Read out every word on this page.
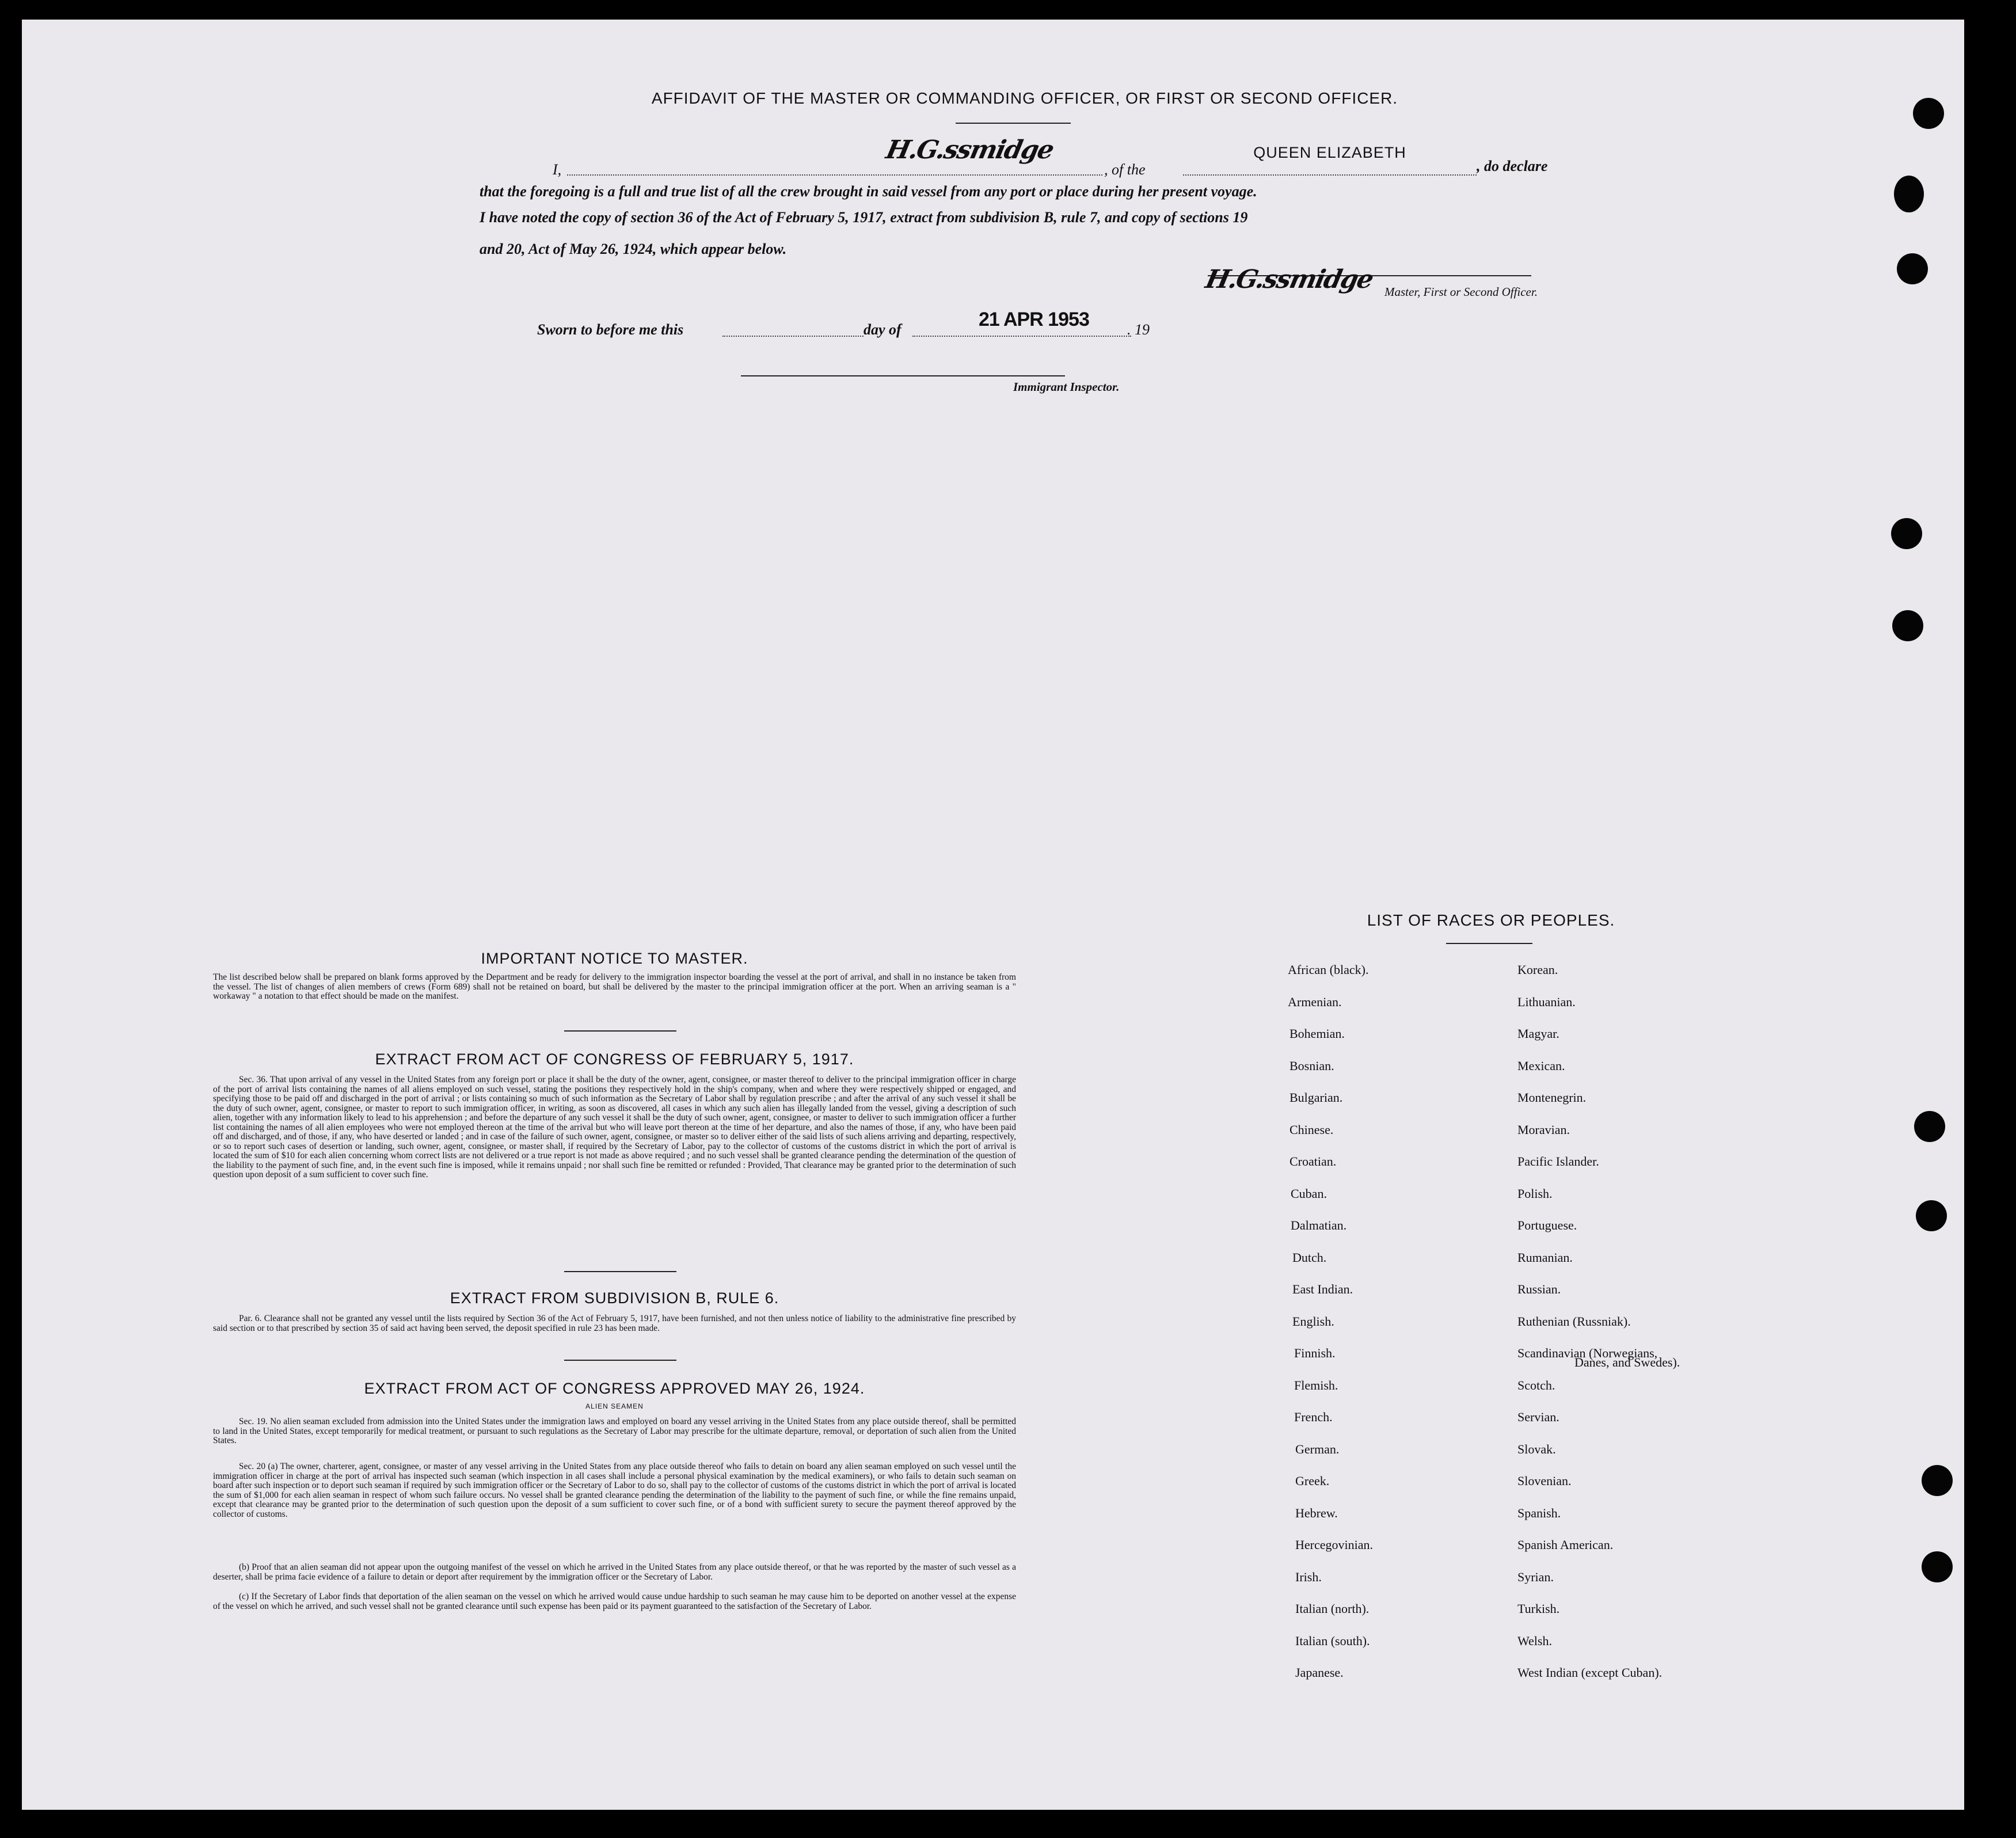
AFFIDAVIT OF THE MASTER OR COMMANDING OFFICER, OR FIRST OR SECOND OFFICER.
I,
H.G.ssmidge
, of the
QUEEN ELIZABETH
, do declare
that the foregoing is a full and true list of all the crew brought in said vessel from any port or place during her present voyage.
I have noted the copy of section 36 of the Act of February 5, 1917, extract from subdivision B, rule 7, and copy of sections 19
and 20, Act of May 26, 1924, which appear below.
H.G.ssmidge Master, First or Second Officer.
Sworn to before me this	day of	21 APR 1953	. 19
Immigrant Inspector.
IMPORTANT NOTICE TO MASTER.
The list described below shall be prepared on blank forms approved by the Department and be ready for delivery to the immigration inspector boarding the vessel at the port of arrival, and shall in no instance be taken from the vessel. The list of changes of alien members of crews (Form 689) shall not be retained on board, but shall be delivered by the master to the principal immigration officer at the port. When an arriving seaman is a " workaway " a notation to that effect should be made on the manifest.
EXTRACT FROM ACT OF CONGRESS OF FEBRUARY 5, 1917.
Sec. 36. That upon arrival of any vessel in the United States from any foreign port or place it shall be the duty of the owner, agent, consignee, or master thereof to deliver to the principal immigration officer in charge of the port of arrival lists containing the names of all aliens employed on such vessel, stating the positions they respectively hold in the ship's company, when and where they were respectively shipped or engaged, and specifying those to be paid off and discharged in the port of arrival ; or lists containing so much of such information as the Secretary of Labor shall by regulation prescribe ; and after the arrival of any such vessel it shall be the duty of such owner, agent, consignee, or master to report to such immigration officer, in writing, as soon as discovered, all cases in which any such alien has illegally landed from the vessel, giving a description of such alien, together with any information likely to lead to his apprehension ; and before the departure of any such vessel it shall be the duty of such owner, agent, consignee, or master to deliver to such immigration officer a further list containing the names of all alien employees who were not employed thereon at the time of the arrival but who will leave port thereon at the time of her departure, and also the names of those, if any, who have been paid off and discharged, and of those, if any, who have deserted or landed ; and in case of the failure of such owner, agent, consignee, or master so to deliver either of the said lists of such aliens arriving and departing, respectively, or so to report such cases of desertion or landing, such owner, agent, consignee, or master shall, if required by the Secretary of Labor, pay to the collector of customs of the customs district in which the port of arrival is located the sum of $10 for each alien concerning whom correct lists are not delivered or a true report is not made as above required ; and no such vessel shall be granted clearance pending the determination of the question of the liability to the payment of such fine, and, in the event such fine is imposed, while it remains unpaid ; nor shall such fine be remitted or refunded : Provided, That clearance may be granted prior to the determination of such question upon deposit of a sum sufficient to cover such fine.
EXTRACT FROM SUBDIVISION B, RULE 6.
Par. 6. Clearance shall not be granted any vessel until the lists required by Section 36 of the Act of February 5, 1917, have been furnished, and not then unless notice of liability to the administrative fine prescribed by said section or to that prescribed by section 35 of said act having been served, the deposit specified in rule 23 has been made.
EXTRACT FROM ACT OF CONGRESS APPROVED MAY 26, 1924.
ALIEN SEAMEN
Sec. 19. No alien seaman excluded from admission into the United States under the immigration laws and employed on board any vessel arriving in the United States from any place outside thereof, shall be permitted to land in the United States, except temporarily for medical treatment, or pursuant to such regulations as the Secretary of Labor may prescribe for the ultimate departure, removal, or deportation of such alien from the United States.
Sec. 20 (a) The owner, charterer, agent, consignee, or master of any vessel arriving in the United States from any place outside thereof who fails to detain on board any alien seaman employed on such vessel until the immigration officer in charge at the port of arrival has inspected such seaman (which inspection in all cases shall include a personal physical examination by the medical examiners), or who fails to detain such seaman on board after such inspection or to deport such seaman if required by such immigration officer or the Secretary of Labor to do so, shall pay to the collector of customs of the customs district in which the port of arrival is located the sum of $1,000 for each alien seaman in respect of whom such failure occurs. No vessel shall be granted clearance pending the determination of the liability to the payment of such fine, or while the fine remains unpaid, except that clearance may be granted prior to the determination of such question upon the deposit of a sum sufficient to cover such fine, or of a bond with sufficient surety to secure the payment thereof approved by the collector of customs.
(b) Proof that an alien seaman did not appear upon the outgoing manifest of the vessel on which he arrived in the United States from any place outside thereof, or that he was reported by the master of such vessel as a deserter, shall be prima facie evidence of a failure to detain or deport after requirement by the immigration officer or the Secretary of Labor.
(c) If the Secretary of Labor finds that deportation of the alien seaman on the vessel on which he arrived would cause undue hardship to such seaman he may cause him to be deported on another vessel at the expense of the vessel on which he arrived, and such vessel shall not be granted clearance until such expense has been paid or its payment guaranteed to the satisfaction of the Secretary of Labor.
LIST OF RACES OR PEOPLES.
African (black).
Armenian.
Bohemian.
Bosnian.
Bulgarian.
Chinese.
Croatian.
Cuban.
Dalmatian.
Dutch.
East Indian.
English.
Finnish.
Flemish.
French.
German.
Greek.
Hebrew.
Hercegovinian.
Irish.
Italian (north).
Italian (south).
Japanese.
Korean.
Lithuanian.
Magyar.
Mexican.
Montenegrin.
Moravian.
Pacific Islander.
Polish.
Portuguese.
Rumanian.
Russian.
Ruthenian (Russniak).
Scandinavian (Norwegians,
Scotch.
Servian.
Slovak.
Slovenian.
Spanish.
Spanish American.
Syrian.
Turkish.
Welsh.
West Indian (except Cuban).
Danes, and Swedes).
